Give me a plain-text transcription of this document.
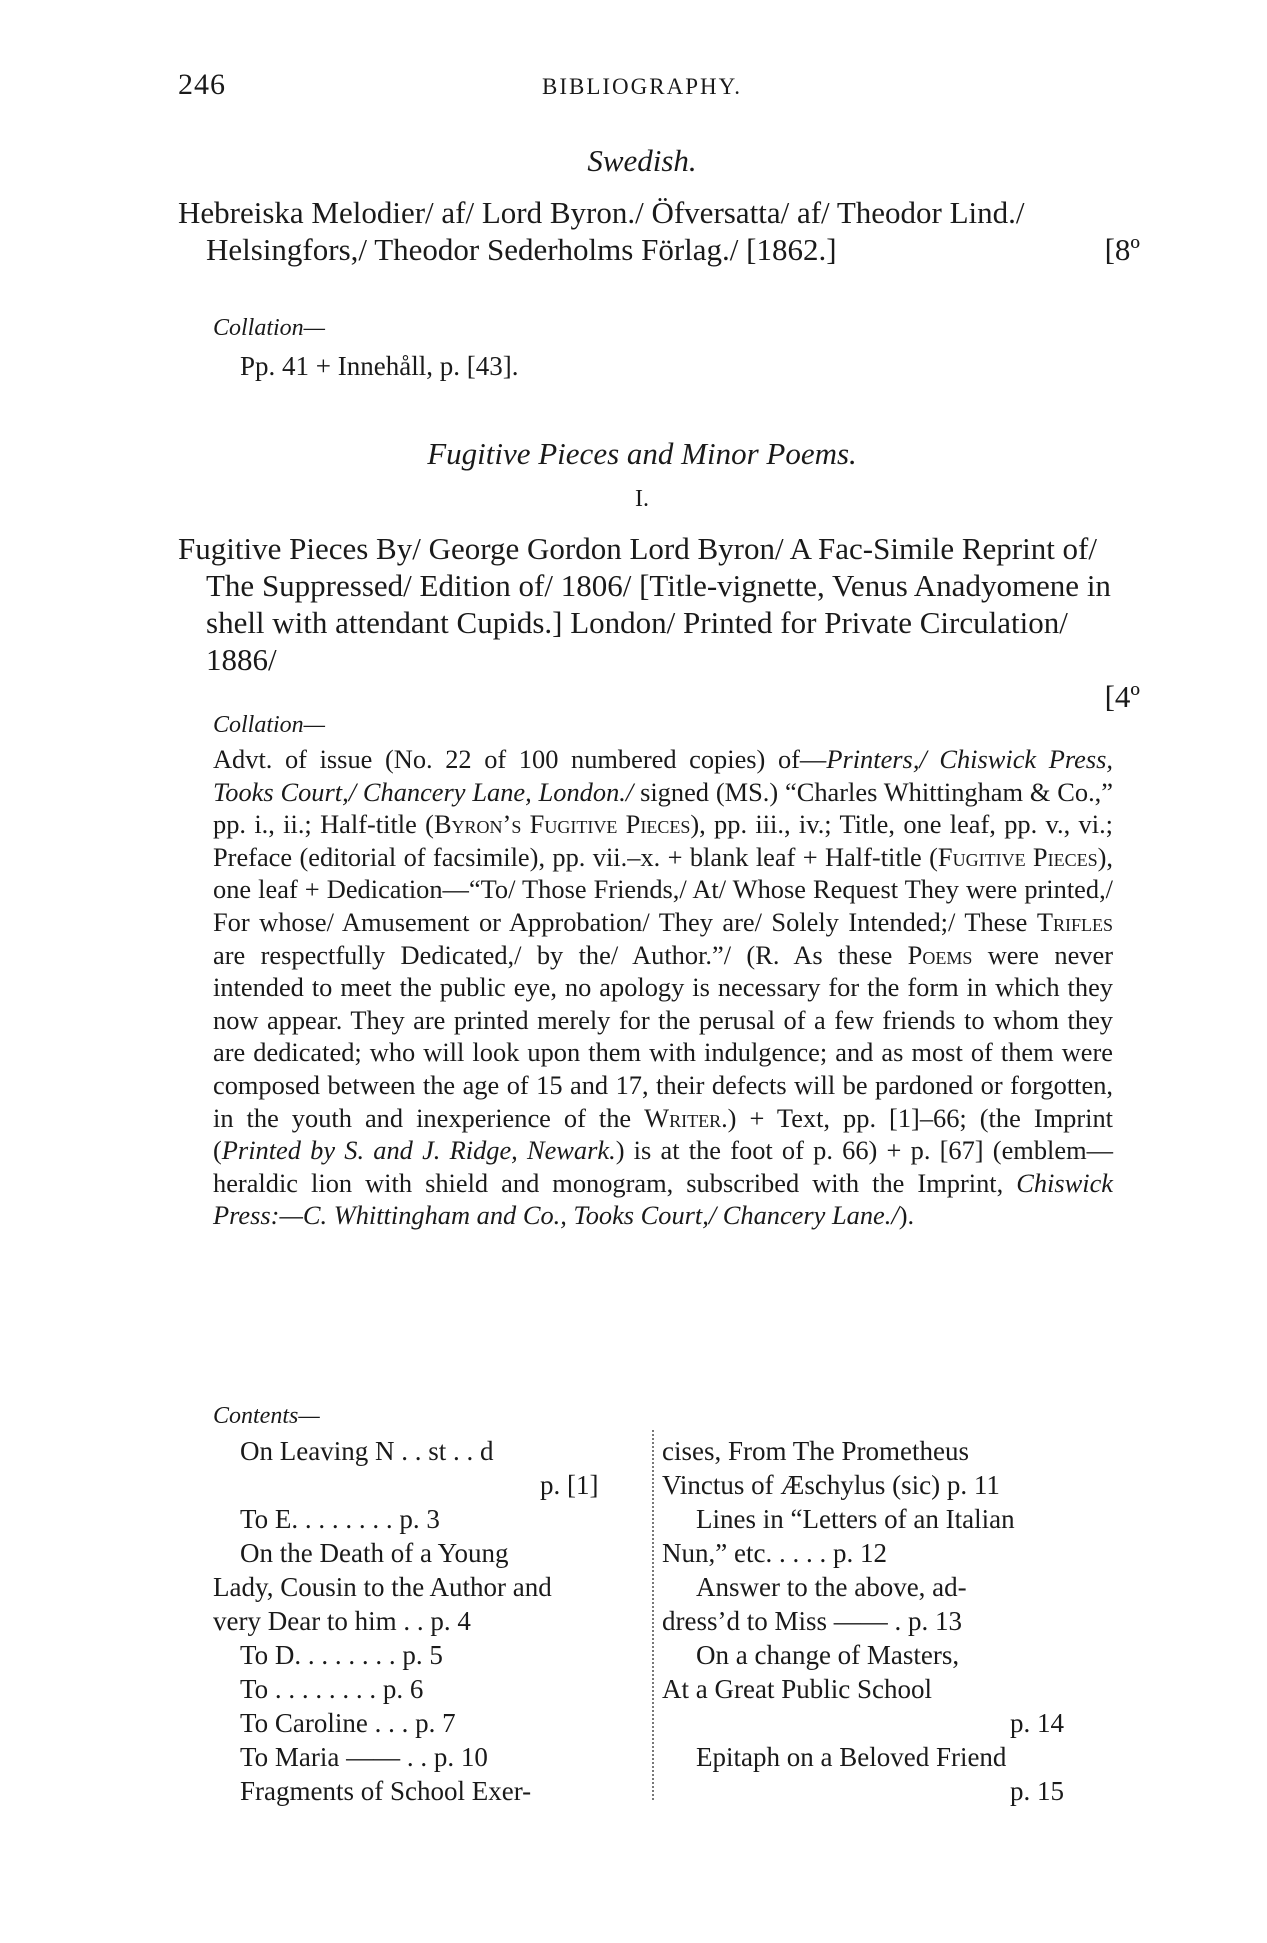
246	BIBLIOGRAPHY.
Swedish.
Hebreiska Melodier/ af/ Lord Byron./ Öfversatta/ af/ Theodor Lind./ Helsingfors,/ Theodor Sederholms Förlag./ [1862.]	[8º
Collation—
Pp. 41 + Innehåll, p. [43].
Fugitive Pieces and Minor Poems.
I.
Fugitive Pieces By/ George Gordon Lord Byron/ A Fac-Simile Reprint of/ The Suppressed/ Edition of/ 1806/ [Title-vignette, Venus Anadyomene in shell with attendant Cupids.] London/ Printed for Private Circulation/ 1886/
[4º
Collation—
Advt. of issue (No. 22 of 100 numbered copies) of—Printers,/ Chiswick Press, Tooks Court,/ Chancery Lane, London./ signed (MS.) “Charles Whittingham & Co.,” pp. i., ii.; Half-title (Byron’s Fugitive Pieces), pp. iii., iv.; Title, one leaf, pp. v., vi.; Preface (editorial of facsimile), pp. vii.–x. + blank leaf + Half-title (Fugitive Pieces), one leaf + Dedication—“To/ Those Friends,/ At/ Whose Request They were printed,/ For whose/ Amusement or Approbation/ They are/ Solely Intended;/ These Trifles are respectfully Dedicated,/ by the/ Author.”/ (R. As these Poems were never intended to meet the public eye, no apology is necessary for the form in which they now appear. They are printed merely for the perusal of a few friends to whom they are dedicated; who will look upon them with indulgence; and as most of them were composed between the age of 15 and 17, their defects will be pardoned or forgotten, in the youth and inexperience of the Writer.) + Text, pp. [1]–66; (the Imprint (Printed by S. and J. Ridge, Newark.) is at the foot of p. 66) + p. [67] (emblem—heraldic lion with shield and monogram, subscribed with the Imprint, Chiswick Press:—C. Whittingham and Co., Tooks Court,/ Chancery Lane./).
Contents—
On Leaving N . . st . . d
p. [1]
To E. . . . . . . . p. 3
On the Death of a Young
Lady, Cousin to the Author and
very Dear to him . . p. 4
To D. . . . . . . . p. 5
To . . . . . . . . p. 6
To Caroline . . . p. 7
To Maria —— . . p. 10
Fragments of School Exer-
cises, From The Prometheus
Vinctus of Æschylus (sic) p. 11
Lines in “Letters of an Italian
Nun,” etc. . . . . p. 12
Answer to the above, ad-
dress’d to Miss —— . p. 13
On a change of Masters,
At a Great Public School
p. 14
Epitaph on a Beloved Friend
p. 15
